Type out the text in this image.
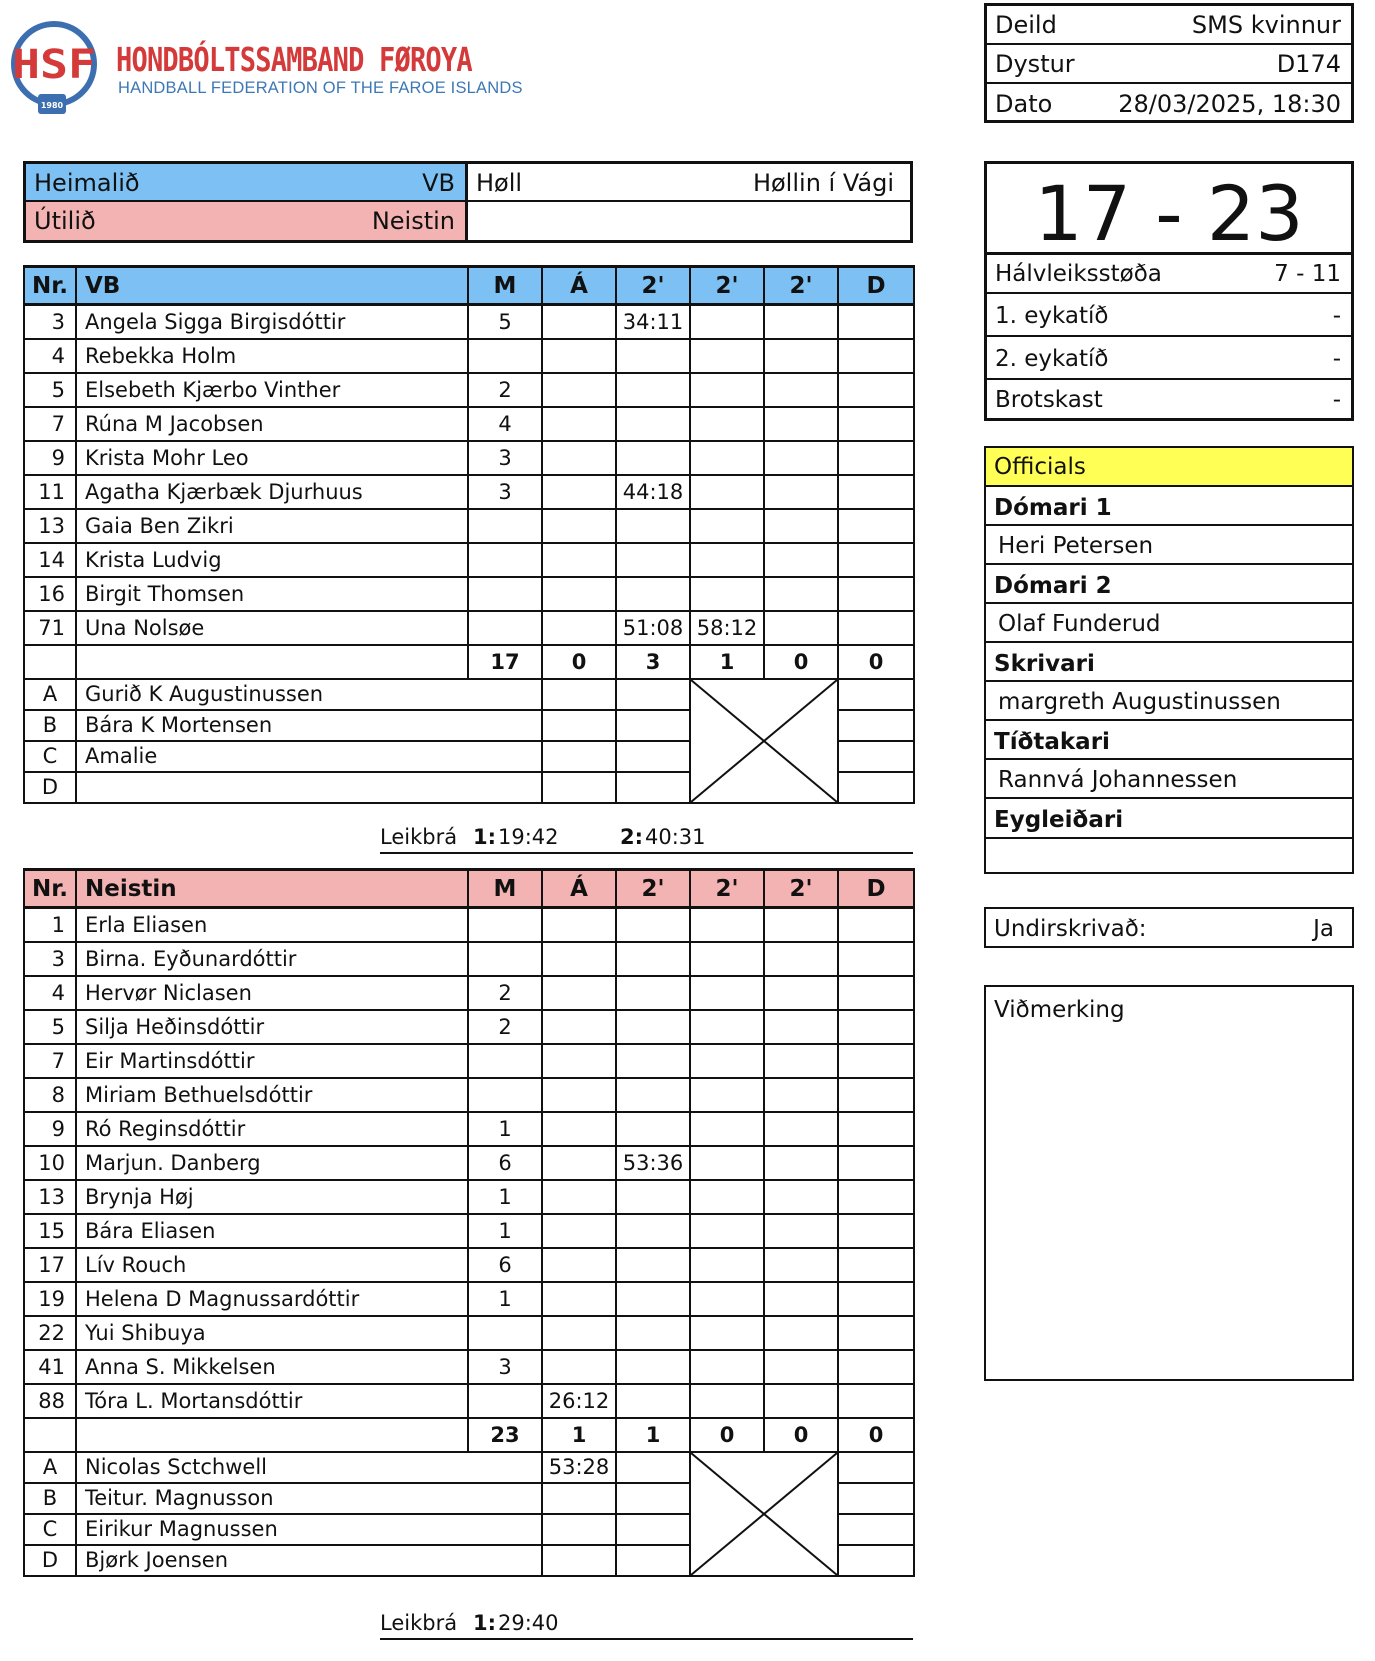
1980
HSF HONDBÓLTSSAMBAND FØROYA
HANDBALL FEDERATION OF THE FAROE ISLANDS
Deild	SMS kvinnur
Dystur	D174
Dato	28/03/2025, 18:30
Heimalið	VB
Útilið	Neistin
Høll	Høllin í Vági
Nr.	VB	M	Á	2'	2'	2'	D
3	Angela Sigga Birgisdóttir	5		34:11			
4	Rebekka Holm						
5	Elsebeth Kjærbo Vinther	2					
7	Rúna M Jacobsen	4					
9	Krista Mohr Leo	3					
11	Agatha Kjærbæk Djurhuus	3		44:18			
13	Gaia Ben Zikri						
14	Krista Ludvig						
16	Birgit Thomsen						
71	Una Nolsøe			51:08	58:12		
		17	0	3	1	0	0
A	Gurið K Augustinussen						
B	Bára K Mortensen						
C	Amalie						
D							
Leikbrá 1: 19:42	2: 40:31
Nr.	Neistin	M	Á	2'	2'	2'	D
1	Erla Eliasen						
3	Birna. Eyðunardóttir						
4	Hervør Niclasen	2					
5	Silja Heðinsdóttir	2					
7	Eir Martinsdóttir						
8	Miriam Bethuelsdóttir						
9	Ró Reginsdóttir	1					
10	Marjun. Danberg	6		53:36			
13	Brynja Høj	1					
15	Bára Eliasen	1					
17	Lív Rouch	6					
19	Helena D Magnussardóttir	1					
22	Yui Shibuya						
41	Anna S. Mikkelsen	3					
88	Tóra L. Mortansdóttir		26:12				
		23	1	1	0	0	0
A	Nicolas Sctchwell		53:28				
B	Teitur. Magnusson						
C	Eirikur Magnussen						
D	Bjørk Joensen						
Leikbrá 1: 29:40
17 - 23
Hálvleiksstøða	7 - 11
1. eykatíð	-
2. eykatíð	-
Brotskast	-
Officials
Dómari 1
Heri Petersen
Dómari 2
Olaf Funderud
Skrivari
margreth Augustinussen
Tíðtakari
Rannvá Johannessen
Eygleiðari
Undirskrivað:	Ja
Viðmerking
